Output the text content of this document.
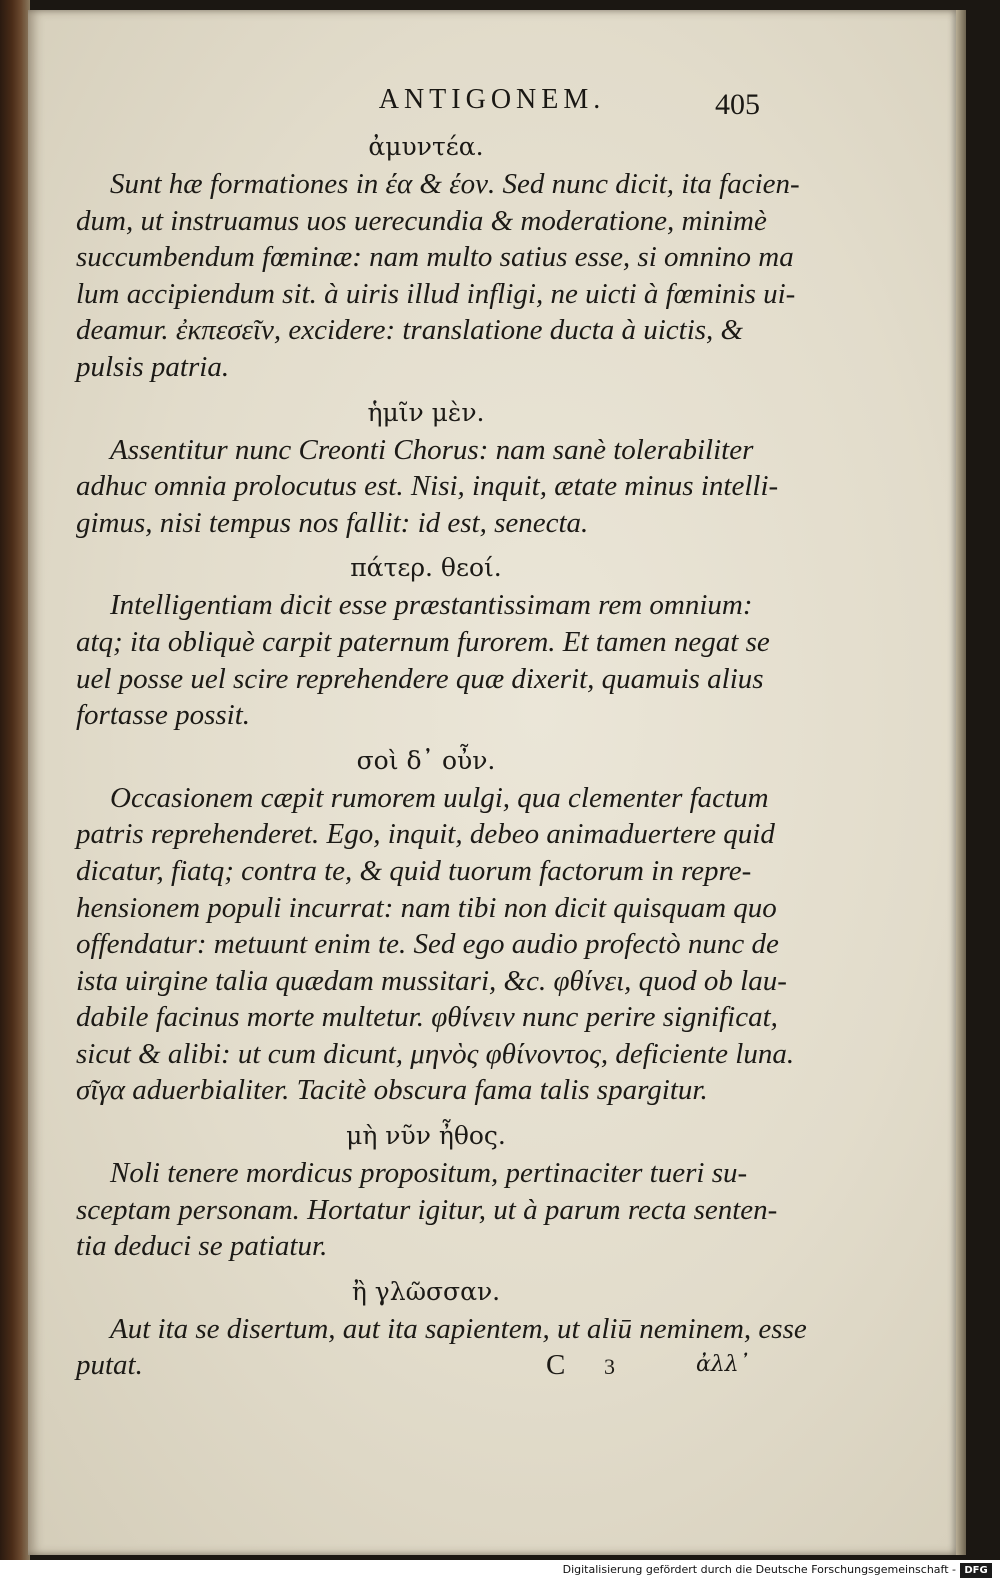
ANTIGONEM.	405
ἀμυντέα.
Sunt hæ formationes in έα & έον. Sed nunc dicit, ita facien-
dum, ut instruamus uos uerecundia & moderatione, minimè
succumbendum fœminæ: nam multo satius esse, si omnino ma
lum accipiendum sit. à uiris illud infligi, ne uicti à fœminis ui-
deamur. ἐκπεσεῖν, excidere: translatione ducta à uictis, &
pulsis patria.
ἡμῖν μὲν.
Assentitur nunc Creonti Chorus: nam sanè tolerabiliter
adhuc omnia prolocutus est. Nisi, inquit, ætate minus intelli-
gimus, nisi tempus nos fallit: id est, senecta.
πάτερ. θεοί.
Intelligentiam dicit esse præstantissimam rem omnium:
atq; ita obliquè carpit paternum furorem. Et tamen negat se
uel posse uel scire reprehendere quæ dixerit, quamuis alius
fortasse possit.
σοὶ δ᾽ οὖν.
Occasionem cæpit rumorem uulgi, qua clementer factum
patris reprehenderet. Ego, inquit, debeo animaduertere quid
dicatur, fiatq; contra te, & quid tuorum factorum in repre-
hensionem populi incurrat: nam tibi non dicit quisquam quo
offendatur: metuunt enim te. Sed ego audio profectò nunc de
ista uirgine talia quædam mussitari, &c. φθίνει, quod ob lau-
dabile facinus morte multetur. φθίνειν nunc perire significat,
sicut & alibi: ut cum dicunt, μηνὸς φθίνοντος, deficiente luna.
σῖγα aduerbialiter. Tacitè obscura fama talis spargitur.
μὴ νῦν ἦθος.
Noli tenere mordicus propositum, pertinaciter tueri su-
sceptam personam. Hortatur igitur, ut à parum recta senten-
tia deduci se patiatur.
ἢ γλῶσσαν.
Aut ita se disertum, aut ita sapientem, ut aliū neminem, esse
putat.	C 3	ἀλλ᾽
Digitalisierung gefördert durch die Deutsche Forschungsgemeinschaft - DFG
